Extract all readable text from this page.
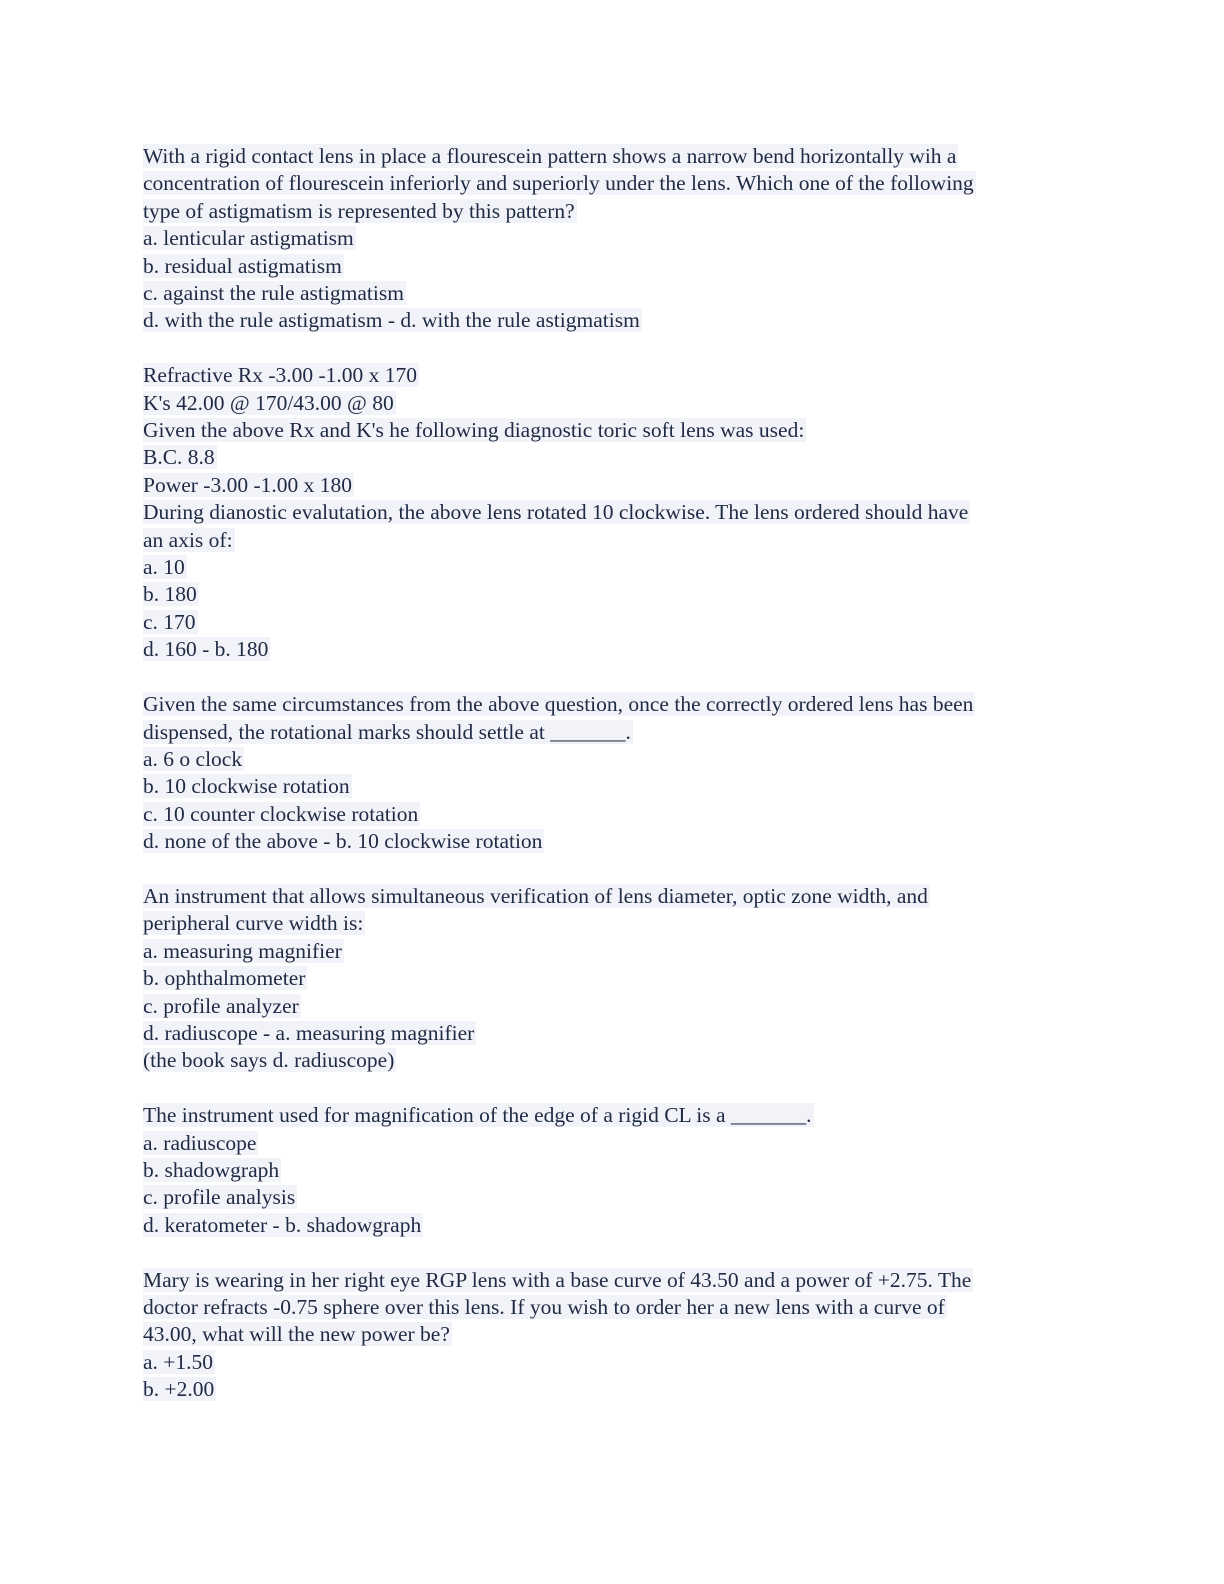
With a rigid contact lens in place a flourescein pattern shows a narrow bend horizontally wih a
concentration of flourescein inferiorly and superiorly under the lens. Which one of the following
type of astigmatism is represented by this pattern?
a. lenticular astigmatism
b. residual astigmatism
c. against the rule astigmatism
d. with the rule astigmatism - d. with the rule astigmatism
Refractive Rx -3.00 -1.00 x 170
K's 42.00 @ 170/43.00 @ 80
Given the above Rx and K's he following diagnostic toric soft lens was used:
B.C. 8.8
Power -3.00 -1.00 x 180
During dianostic evalutation, the above lens rotated 10 clockwise. The lens ordered should have
an axis of:
a. 10
b. 180
c. 170
d. 160 - b. 180
Given the same circumstances from the above question, once the correctly ordered lens has been
dispensed, the rotational marks should settle at _______.
a. 6 o clock
b. 10 clockwise rotation
c. 10 counter clockwise rotation
d. none of the above - b. 10 clockwise rotation
An instrument that allows simultaneous verification of lens diameter, optic zone width, and
peripheral curve width is:
a. measuring magnifier
b. ophthalmometer
c. profile analyzer
d. radiuscope - a. measuring magnifier
(the book says d. radiuscope)
The instrument used for magnification of the edge of a rigid CL is a _______.
a. radiuscope
b. shadowgraph
c. profile analysis
d. keratometer - b. shadowgraph
Mary is wearing in her right eye RGP lens with a base curve of 43.50 and a power of +2.75. The
doctor refracts -0.75 sphere over this lens. If you wish to order her a new lens with a curve of
43.00, what will the new power be?
a. +1.50
b. +2.00
